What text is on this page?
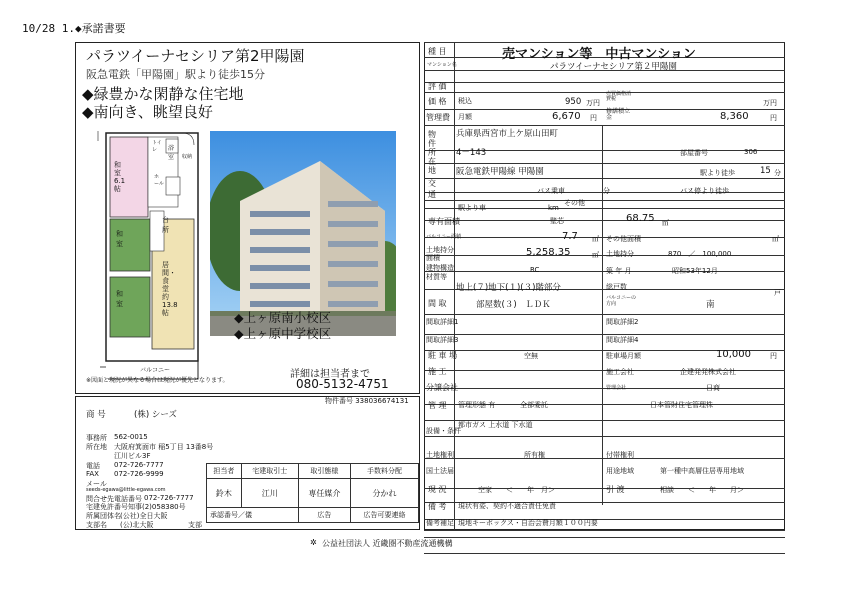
10/28 1.◆承諾書要
パラツイーナセシリア第2甲陽園
阪急電鉄「甲陽園」駅より徒歩15分
◆緑豊かな閑静な住宅地
◆南向き、眺望良好
和室 6.1帖
和室
和室
居間・食堂 約13.8帖
台所
浴室
トイレ
ホール
収納
バルコニー
◆上ヶ原南小校区
◆上ヶ原中学校区
※図面と現況が異なる場合は現況が優先となります。
詳細は担当者まで
080-5132-4751
商 号	(株) シーズ
事務所 562-0015
所在地 大阪府箕面市 稲5丁目 13番8号
江川ビル3F
電話 072-726-7777
FAX 072-726-9999
メール
seeds-egawa@little-egawa.com
問合せ先電話番号 072-726-7777
宅建免許番号 知事(2)058380号
所属団体名 (公社)全日大阪
支部名 (公)北大阪	支部
担当者	宅建取引士	取引態様	手数料分配
鈴木	江川	専任媒介	分かれ
承認番号／儀		広告	広告可要連絡
物件番号 338036674131
種 目	売マンション等　中古マンション
マンション名	パラツイーナセシリア第２甲陽園
評 価
価 格 税込	950 万円
売買価格消費税	万円
管理費 月額	6,670 円
修繕積立金	8,360	円
物件所在地
兵庫県西宮市上ケ原山田町
4－143	部屋番号	306
交通
阪急電鉄甲陽線 甲陽園	駅より徒歩	15 分
バス乗車	分	バス停より徒歩
駅より車	km
その他
専有面積	壁芯	68.75 ㎡
バルコニー面積	7.7 ㎡ その他面積	㎡
土地持分面積	5,258.35	㎡ 土地持分	870　／　100,000
建物構造材質等
RC	築 年 月	昭和53年12月
地上(７)地下(１)(３)階部分	総戸数
戸
間 取	部屋数(３)　ＬＤＫ
バルコニーの方向	南
間取詳細1	間取詳細2
間取詳細3	間取詳細4
駐 車 場	空無	駐車場月額	10,000	円
施 工	施工会社	企建発発株式会社
分譲会社	管理会社	日商
管 理 管理形態 有	全部委託	日本管財住宅管理株
設備・条件
都市ガス 上水道 下水道
土地権利	所有権	付帯権利
国土法届	用途地域	第一種中高層住居専用地域
現 況	空家　　＜　　年　月＞	引 渡	相談　　＜　　年　　月＞
備 考 現状有姿、契約不適合責任免責
備考補足 現地キーボックス・自治会費月額１００円要
✲ 公益社団法人 近畿圏不動産流通機構
